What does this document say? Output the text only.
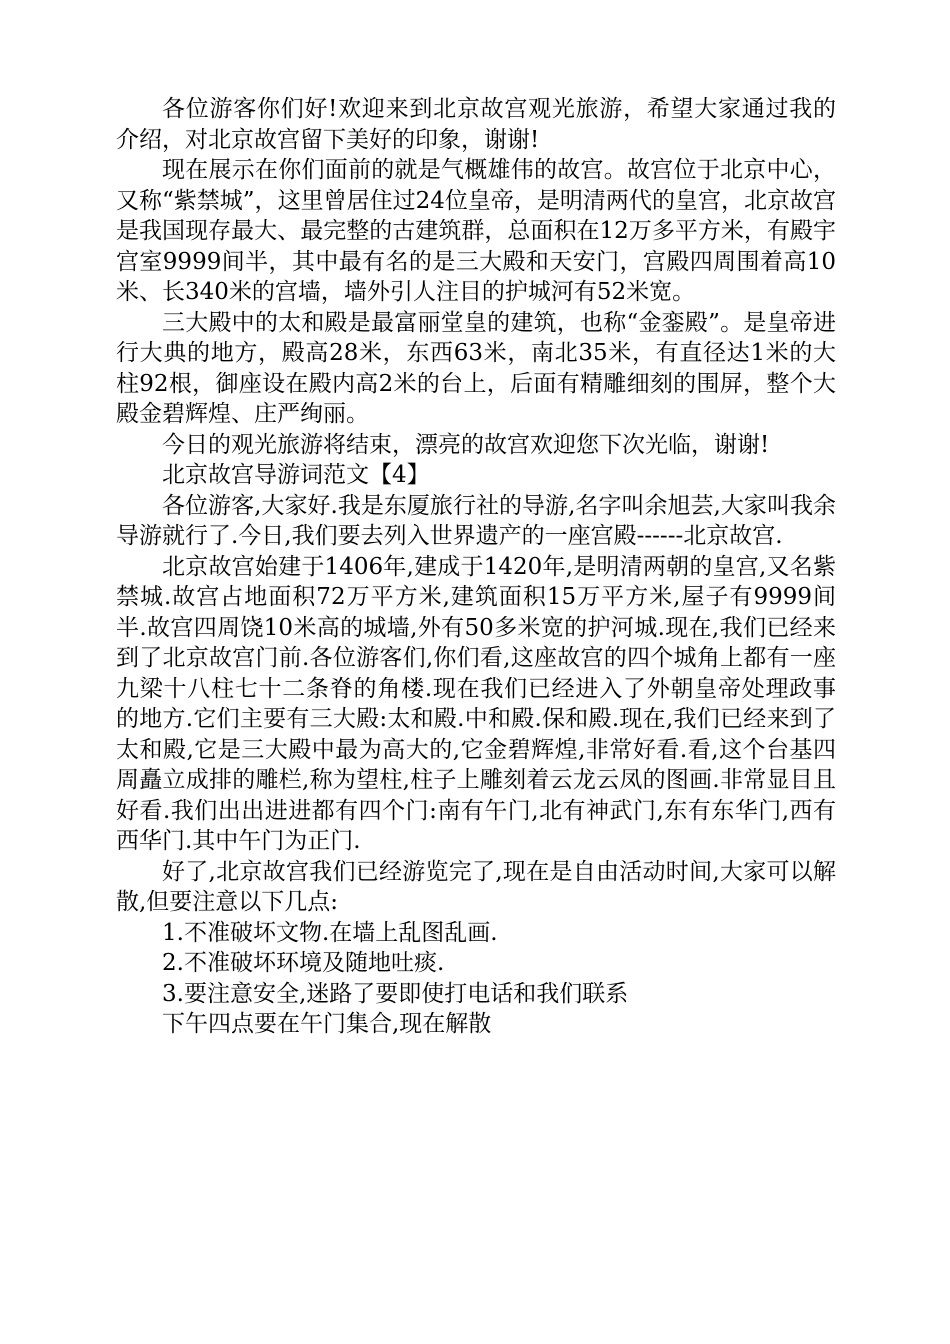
各位游客你们好!欢迎来到北京故宫观光旅游，希望大家通过我的介绍，对北京故宫留下美好的印象，谢谢!

现在展示在你们面前的就是气概雄伟的故宫。故宫位于北京中心，又称“紫禁城”，这里曾居住过24位皇帝，是明清两代的皇宫，北京故宫是我国现存最大、最完整的古建筑群，总面积在12万多平方米，有殿宇宫室9999间半，其中最有名的是三大殿和天安门，宫殿四周围着高10米、长340米的宫墙，墙外引人注目的护城河有52米宽。

三大殿中的太和殿是最富丽堂皇的建筑，也称“金銮殿”。是皇帝进行大典的地方，殿高28米，东西63米，南北35米，有直径达1米的大柱92根，御座设在殿内高2米的台上，后面有精雕细刻的围屏，整个大殿金碧辉煌、庄严绚丽。

今日的观光旅游将结束，漂亮的故宫欢迎您下次光临，谢谢!

北京故宫导游词范文【4】

各位游客,大家好.我是东厦旅行社的导游,名字叫余旭芸,大家叫我余导游就行了.今日,我们要去列入世界遗产的一座宫殿------北京故宫.

北京故宫始建于1406年,建成于1420年,是明清两朝的皇宫,又名紫禁城.故宫占地面积72万平方米,建筑面积15万平方米,屋子有9999间半.故宫四周饶10米高的城墙,外有50多米宽的护河城.现在,我们已经来到了北京故宫门前.各位游客们,你们看,这座故宫的四个城角上都有一座九梁十八柱七十二条脊的角楼.现在我们已经进入了外朝皇帝处理政事的地方.它们主要有三大殿:太和殿.中和殿.保和殿.现在,我们已经来到了太和殿,它是三大殿中最为高大的,它金碧辉煌,非常好看.看,这个台基四周矗立成排的雕栏,称为望柱,柱子上雕刻着云龙云凤的图画.非常显目且好看.我们出出进进都有四个门:南有午门,北有神武门,东有东华门,西有西华门.其中午门为正门.

好了,北京故宫我们已经游览完了,现在是自由活动时间,大家可以解散,但要注意以下几点:

1.不准破坏文物.在墙上乱图乱画.

2.不准破坏环境及随地吐痰.

3.要注意安全,迷路了要即使打电话和我们联系

下午四点要在午门集合,现在解散
